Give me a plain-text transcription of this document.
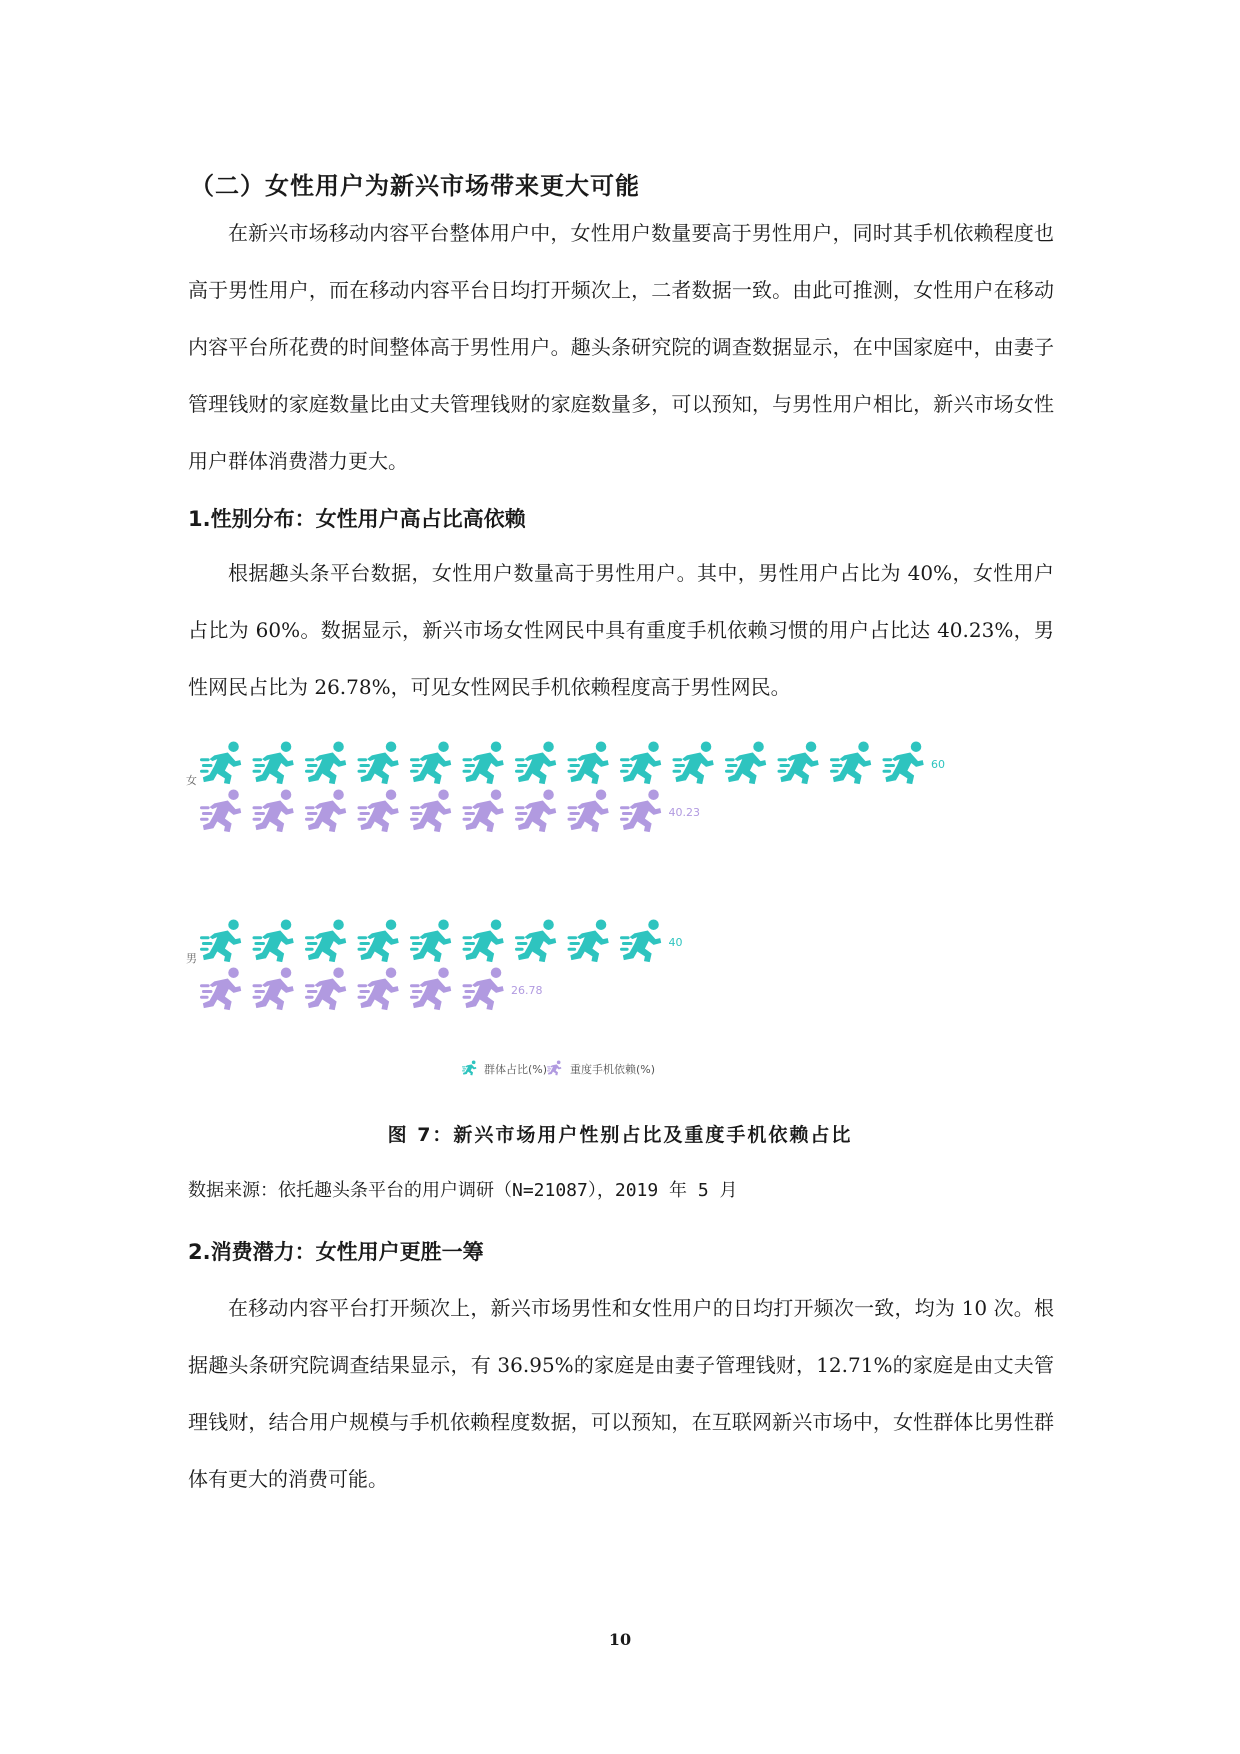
（二）女性用户为新兴市场带来更大可能

在新兴市场移动内容平台整体用户中，女性用户数量要高于男性用户，同时其手机依赖程度也高于男性用户，而在移动内容平台日均打开频次上，二者数据一致。由此可推测，女性用户在移动内容平台所花费的时间整体高于男性用户。趣头条研究院的调查数据显示，在中国家庭中，由妻子管理钱财的家庭数量比由丈夫管理钱财的家庭数量多，可以预知，与男性用户相比，新兴市场女性用户群体消费潜力更大。

1.性别分布：女性用户高占比高依赖

根据趣头条平台数据，女性用户数量高于男性用户。其中，男性用户占比为 40%，女性用户占比为 60%。数据显示，新兴市场女性网民中具有重度手机依赖习惯的用户占比达 40.23%，男性网民占比为 26.78%，可见女性网民手机依赖程度高于男性网民。

女
男
60
40.23
40
26.78
群体占比(%) 重度手机依赖(%)

图 7：新兴市场用户性别占比及重度手机依赖占比

数据来源：依托趣头条平台的用户调研（N=21087），2019 年 5 月

2.消费潜力：女性用户更胜一筹

在移动内容平台打开频次上，新兴市场男性和女性用户的日均打开频次一致，均为 10 次。根据趣头条研究院调查结果显示，有 36.95%的家庭是由妻子管理钱财，12.71%的家庭是由丈夫管理钱财，结合用户规模与手机依赖程度数据，可以预知，在互联网新兴市场中，女性群体比男性群体有更大的消费可能。

10
